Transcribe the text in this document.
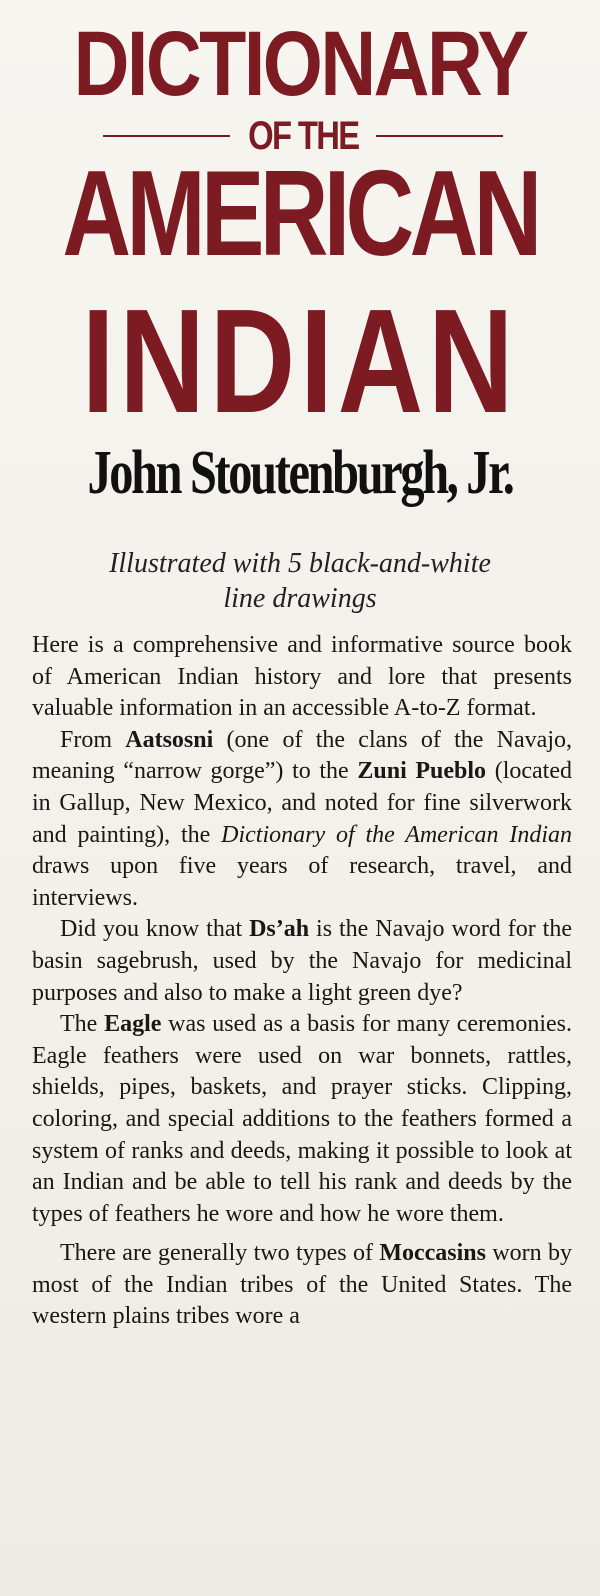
DICTIONARY
OF THE
AMERICAN
INDIAN
John Stoutenburgh, Jr.
Illustrated with 5 black-and-white
line drawings

Here is a comprehensive and informative source book of American Indian history and lore that presents valuable information in an accessible A-to-Z format.

From Aatsosni (one of the clans of the Navajo, meaning “narrow gorge”) to the Zuni Pueblo (located in Gallup, New Mexico, and noted for fine silverwork and painting), the Dictionary of the American Indian draws upon five years of research, travel, and interviews.

Did you know that Ds’ah is the Navajo word for the basin sagebrush, used by the Navajo for medicinal purposes and also to make a light green dye?

The Eagle was used as a basis for many ceremonies. Eagle feathers were used on war bonnets, rattles, shields, pipes, baskets, and prayer sticks. Clipping, coloring, and special additions to the feathers formed a system of ranks and deeds, making it possible to look at an Indian and be able to tell his rank and deeds by the types of feathers he wore and how he wore them.

There are generally two types of Moccasins worn by most of the Indian tribes of the United States. The western plains tribes wore a
